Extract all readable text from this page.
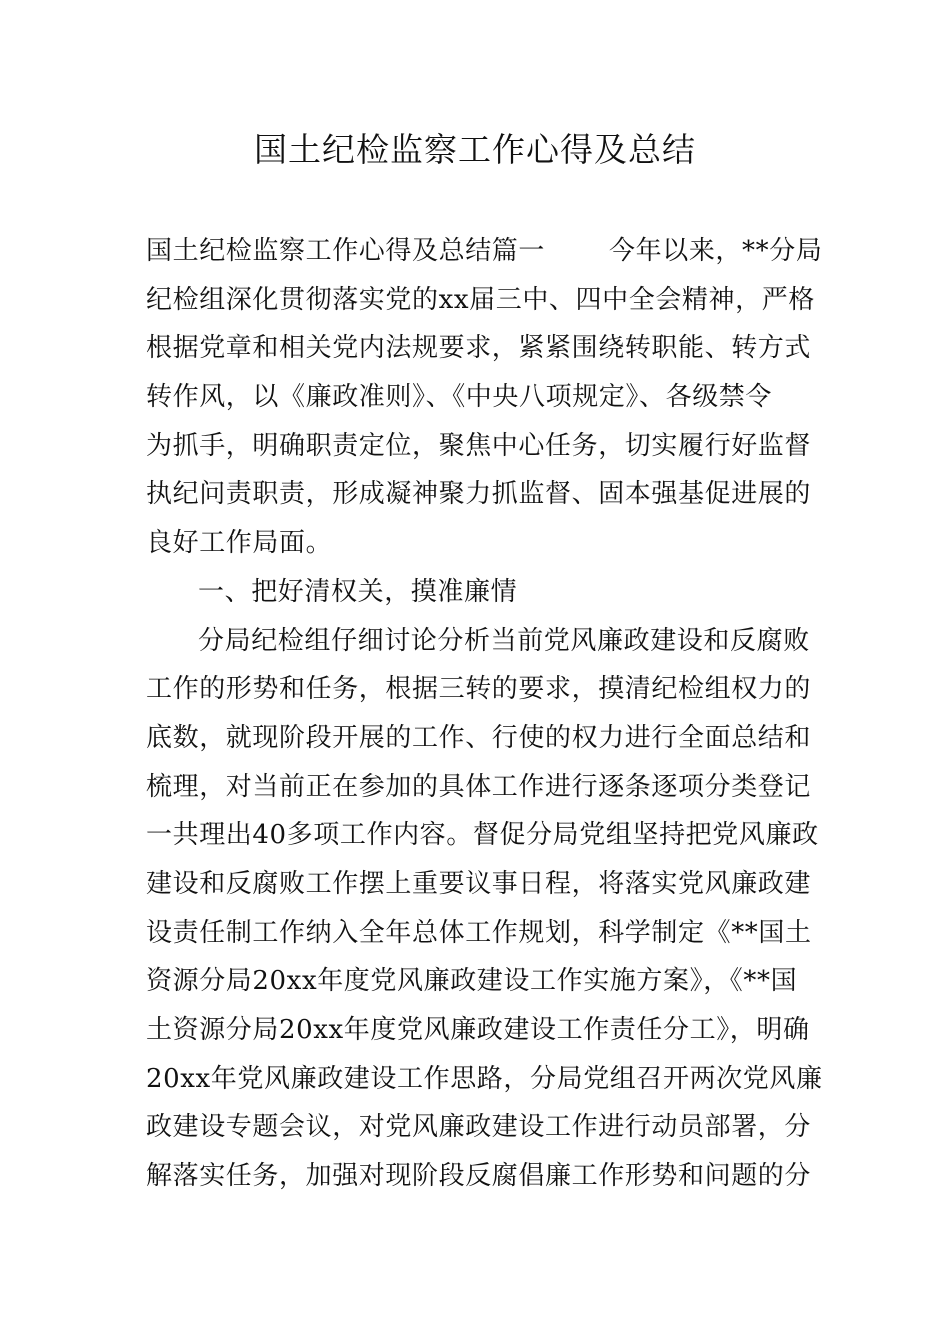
国土纪检监察工作心得及总结
国土纪检监察工作心得及总结篇一 今年以来，**分局
纪检组深化贯彻落实党的xx届三中、四中全会精神，严格
根据党章和相关党内法规要求，紧紧围绕转职能、转方式
转作风，以《廉政准则》、《中央八项规定》、各级禁令
为抓手，明确职责定位，聚焦中心任务，切实履行好监督
执纪问责职责，形成凝神聚力抓监督、固本强基促进展的
良好工作局面。
一、把好清权关，摸准廉情
分局纪检组仔细讨论分析当前党风廉政建设和反腐败
工作的形势和任务，根据三转的要求，摸清纪检组权力的
底数，就现阶段开展的工作、行使的权力进行全面总结和
梳理，对当前正在参加的具体工作进行逐条逐项分类登记
一共理出40多项工作内容。督促分局党组坚持把党风廉政
建设和反腐败工作摆上重要议事日程，将落实党风廉政建
设责任制工作纳入全年总体工作规划，科学制定《**国土
资源分局20xx年度党风廉政建设工作实施方案》，《**国
土资源分局20xx年度党风廉政建设工作责任分工》，明确
20xx年党风廉政建设工作思路，分局党组召开两次党风廉
政建设专题会议，对党风廉政建设工作进行动员部署，分
解落实任务，加强对现阶段反腐倡廉工作形势和问题的分
